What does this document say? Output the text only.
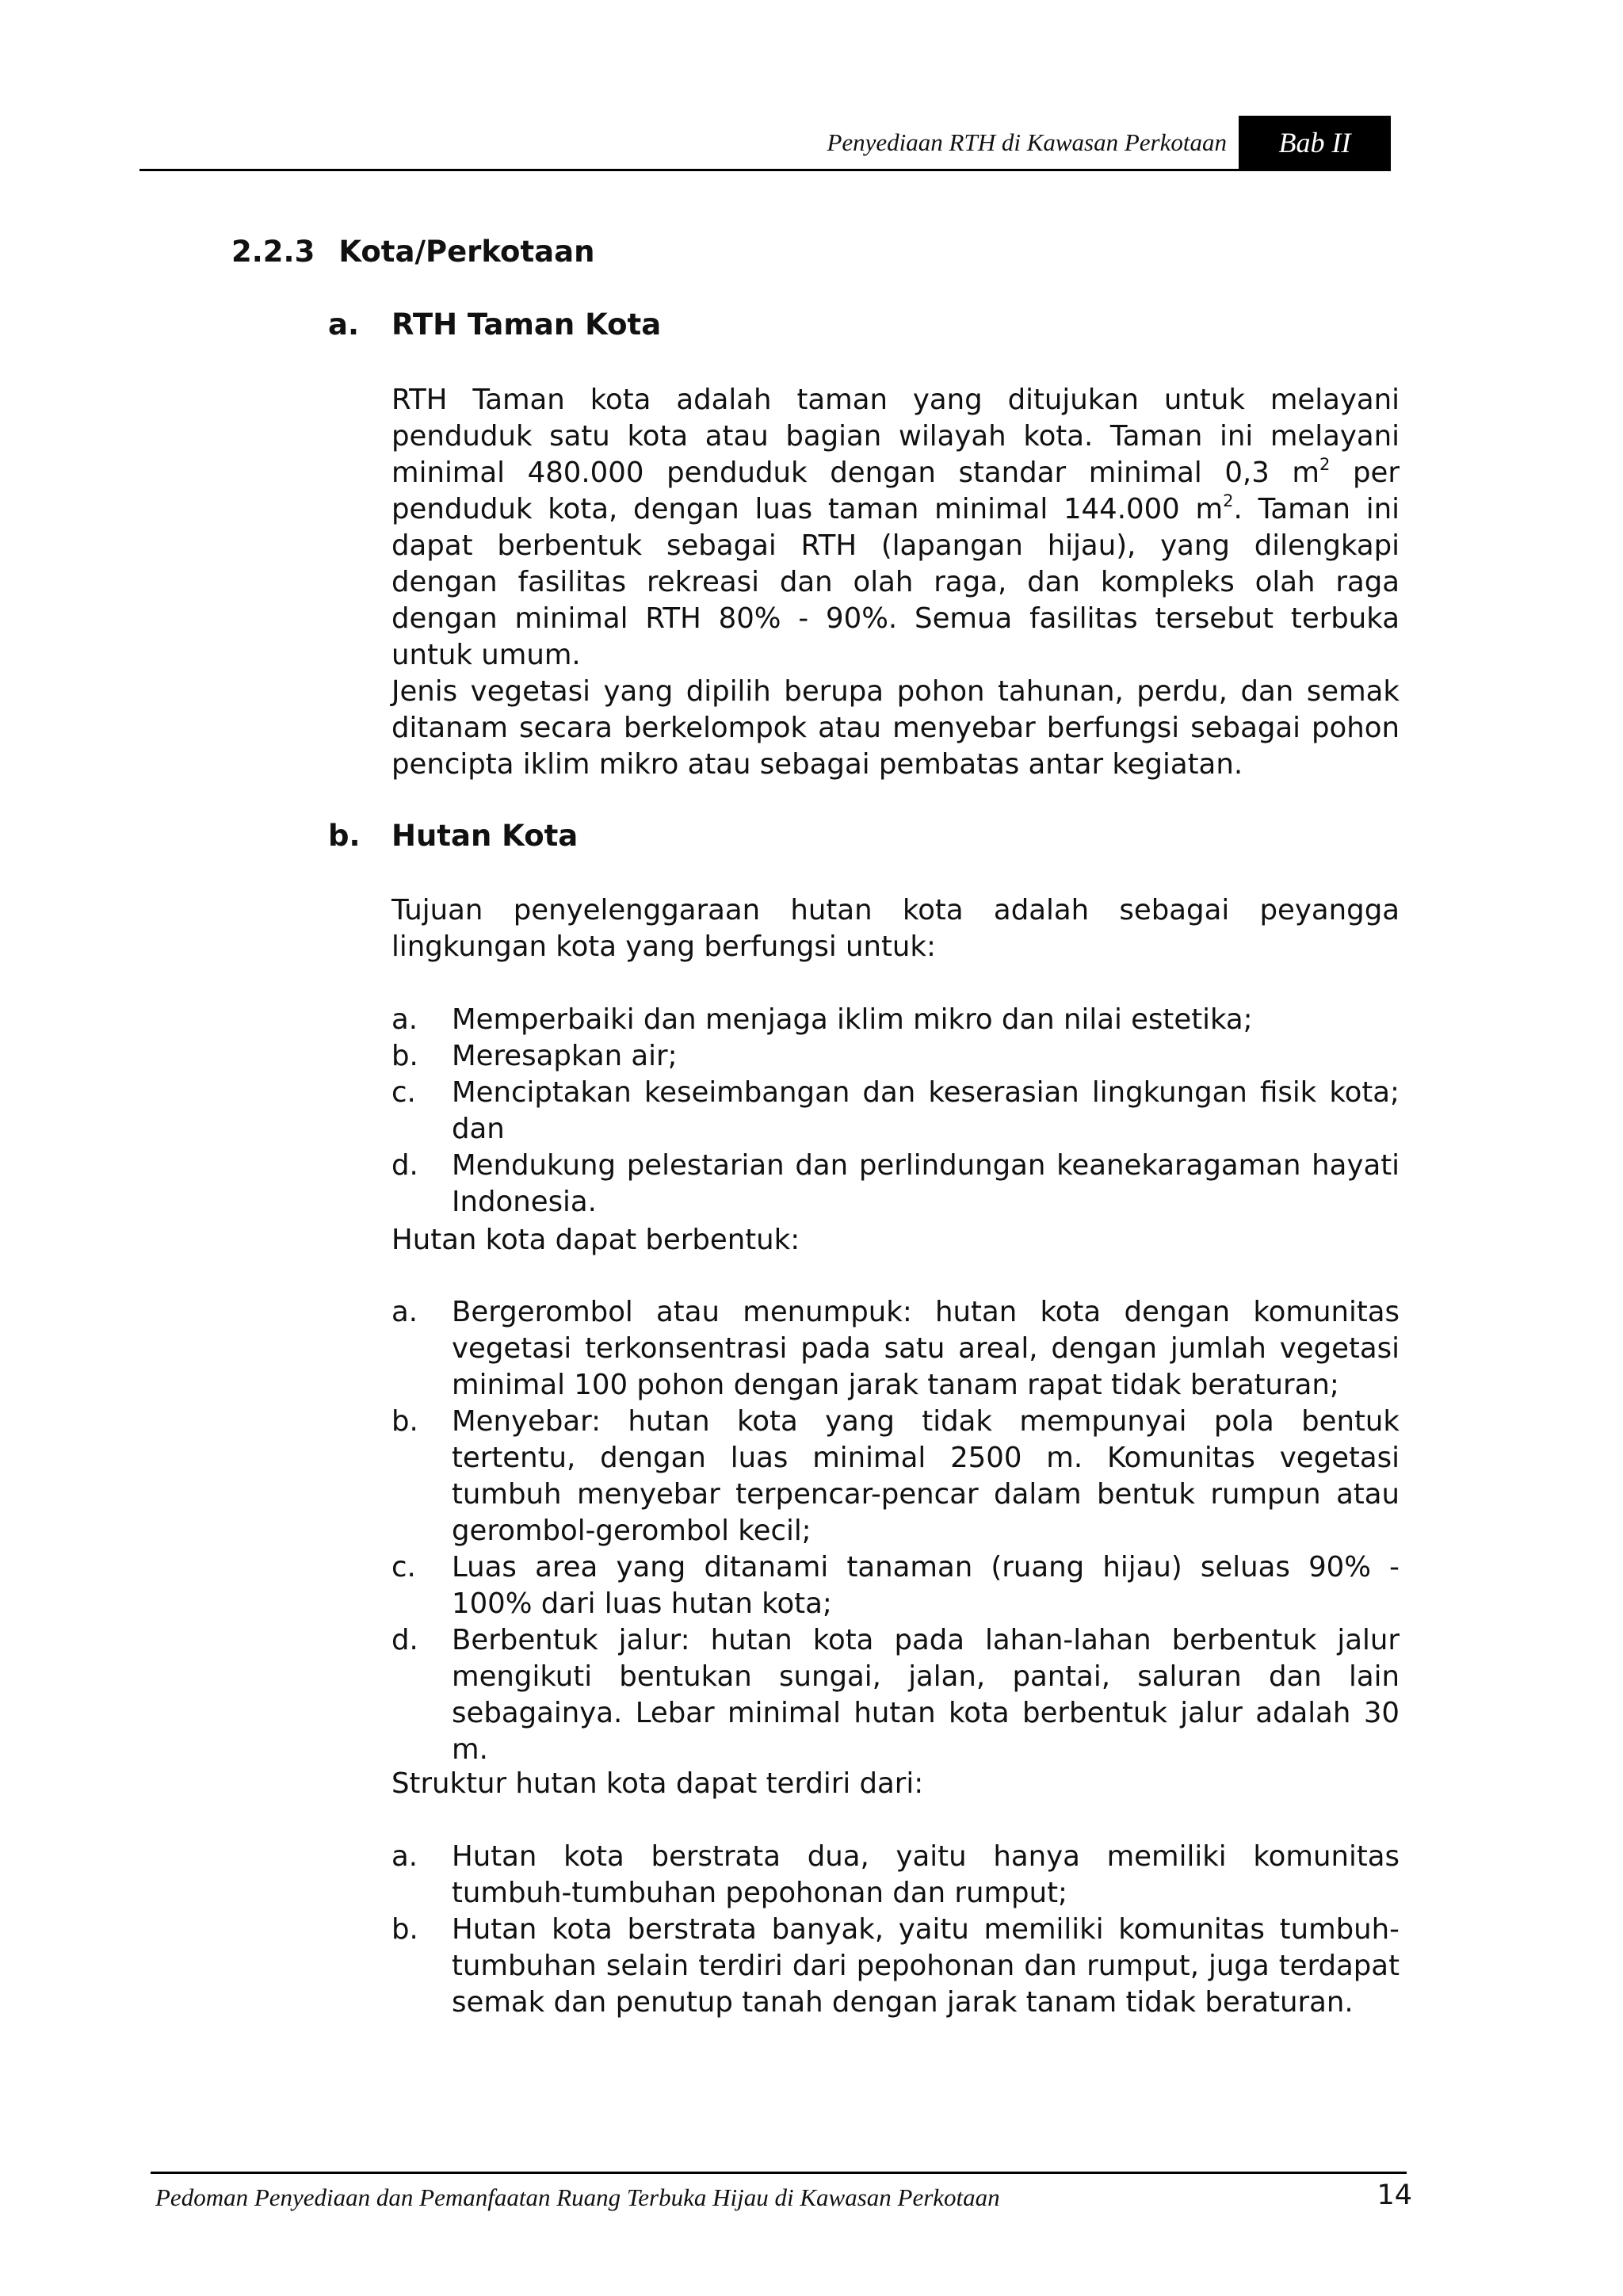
Penyediaan RTH di Kawasan Perkotaan	Bab II
2.2.3 Kota/Perkotaan
a. RTH Taman Kota

RTH Taman kota adalah taman yang ditujukan untuk melayani penduduk satu kota atau bagian wilayah kota. Taman ini melayani minimal 480.000 penduduk dengan standar minimal 0,3 $m^2$ per penduduk kota, dengan luas taman minimal 144.000 $m^2$. Taman ini dapat berbentuk sebagai RTH (lapangan hijau), yang dilengkapi dengan fasilitas rekreasi dan olah raga, dan kompleks olah raga dengan minimal RTH 80% - 90%. Semua fasilitas tersebut terbuka untuk umum.

Jenis vegetasi yang dipilih berupa pohon tahunan, perdu, dan semak ditanam secara berkelompok atau menyebar berfungsi sebagai pohon pencipta iklim mikro atau sebagai pembatas antar kegiatan.

b. Hutan Kota

Tujuan penyelenggaraan hutan kota adalah sebagai peyangga lingkungan kota yang berfungsi untuk:

a. Memperbaiki dan menjaga iklim mikro dan nilai estetika;
b. Meresapkan air;
c. Menciptakan keseimbangan dan keserasian lingkungan fisik kota; dan
d. Mendukung pelestarian dan perlindungan keanekaragaman hayati Indonesia.

Hutan kota dapat berbentuk:

a. Bergerombol atau menumpuk: hutan kota dengan komunitas vegetasi terkonsentrasi pada satu areal, dengan jumlah vegetasi minimal 100 pohon dengan jarak tanam rapat tidak beraturan;
b. Menyebar: hutan kota yang tidak mempunyai pola bentuk tertentu, dengan luas minimal 2500 m. Komunitas vegetasi tumbuh menyebar terpencar-pencar dalam bentuk rumpun atau gerombol-gerombol kecil;
c. Luas area yang ditanami tanaman (ruang hijau) seluas 90% - 100% dari luas hutan kota;
d. Berbentuk jalur: hutan kota pada lahan-lahan berbentuk jalur mengikuti bentukan sungai, jalan, pantai, saluran dan lain sebagainya. Lebar minimal hutan kota berbentuk jalur adalah 30 m.

Struktur hutan kota dapat terdiri dari:

a. Hutan kota berstrata dua, yaitu hanya memiliki komunitas tumbuh-tumbuhan pepohonan dan rumput;
b. Hutan kota berstrata banyak, yaitu memiliki komunitas tumbuh-tumbuhan selain terdiri dari pepohonan dan rumput, juga terdapat semak dan penutup tanah dengan jarak tanam tidak beraturan.
Pedoman Penyediaan dan Pemanfaatan Ruang Terbuka Hijau di Kawasan Perkotaan	14
